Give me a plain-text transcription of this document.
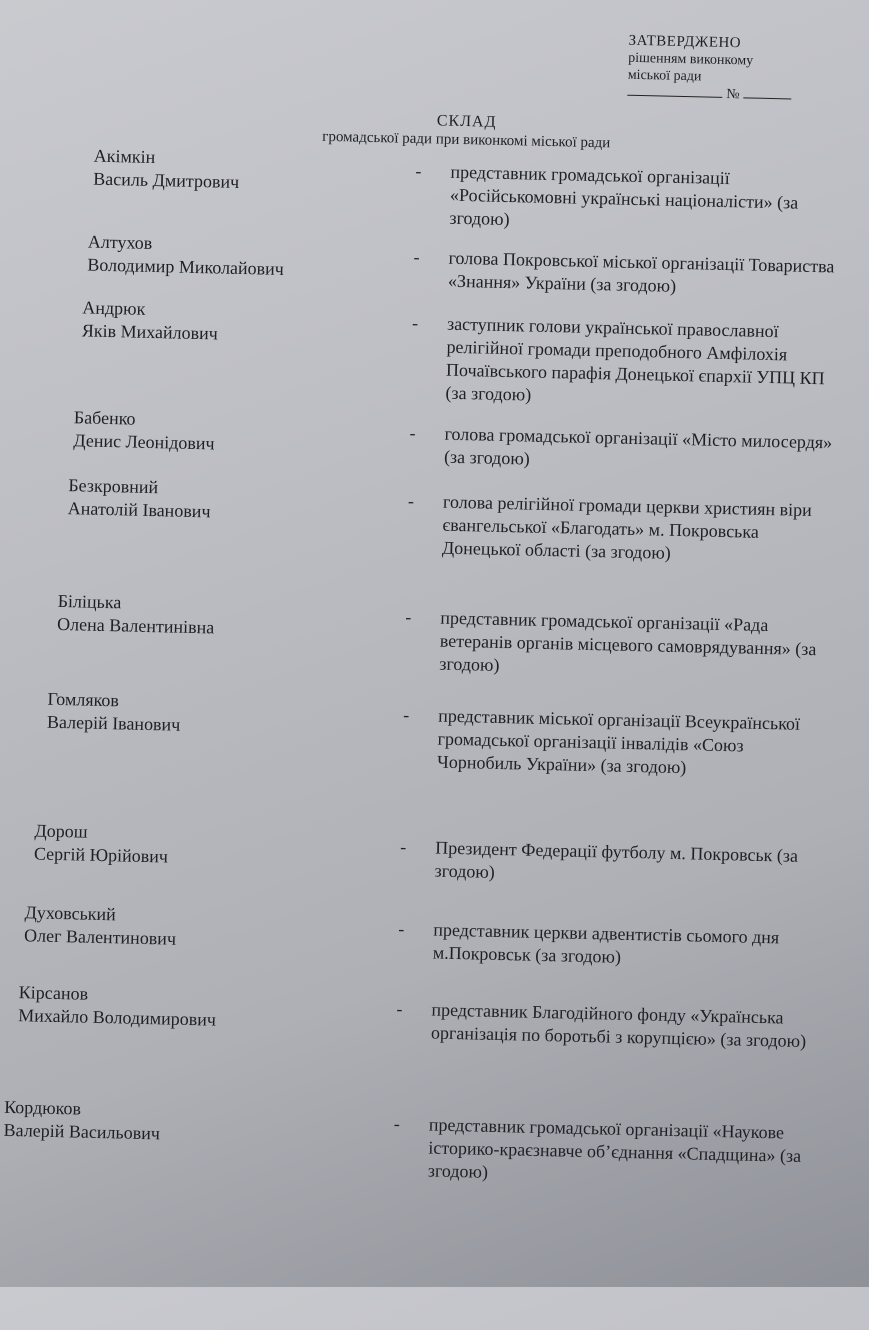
ЗАТВЕРДЖЕНО
рішенням виконкому
міської ради
№
СКЛАД
громадської ради при виконкомі міської ради
Акімкін
Василь Дмитрович	- представник громадської організації «Російськомовні українські націоналісти» (за згодою)
Алтухов
Володимир Миколайович	- голова Покровської міської організації Товариства «Знання» України (за згодою)
Андрюк
Яків Михайлович	- заступник голови української православної релігійної громади преподобного Амфілохія Почаївського парафія Донецької єпархії УПЦ КП (за згодою)
Бабенко
Денис Леонідович	- голова громадської організації «Місто милосердя» (за згодою)
Безкровний
Анатолій Іванович	- голова релігійної громади церкви християн віри євангельської «Благодать» м. Покровська Донецької області (за згодою)
Біліцька
Олена Валентинівна	- представник громадської організації «Рада ветеранів органів місцевого самоврядування» (за згодою)
Гомляков
Валерій Іванович	- представник міської організації Всеукраїнської громадської організації інвалідів «Союз Чорнобиль України» (за згодою)
Дорош
Сергій Юрійович	- Президент Федерації футболу м. Покровськ (за згодою)
Духовський
Олег Валентинович	- представник церкви адвентистів сьомого дня м.Покровськ (за згодою)
Кірсанов
Михайло Володимирович	- представник Благодійного фонду «Українська організація по боротьбі з корупцією» (за згодою)
Кордюков
Валерій Васильович	- представник громадської організації «Наукове історико-краєзнавче об’єднання «Спадщина» (за згодою)
